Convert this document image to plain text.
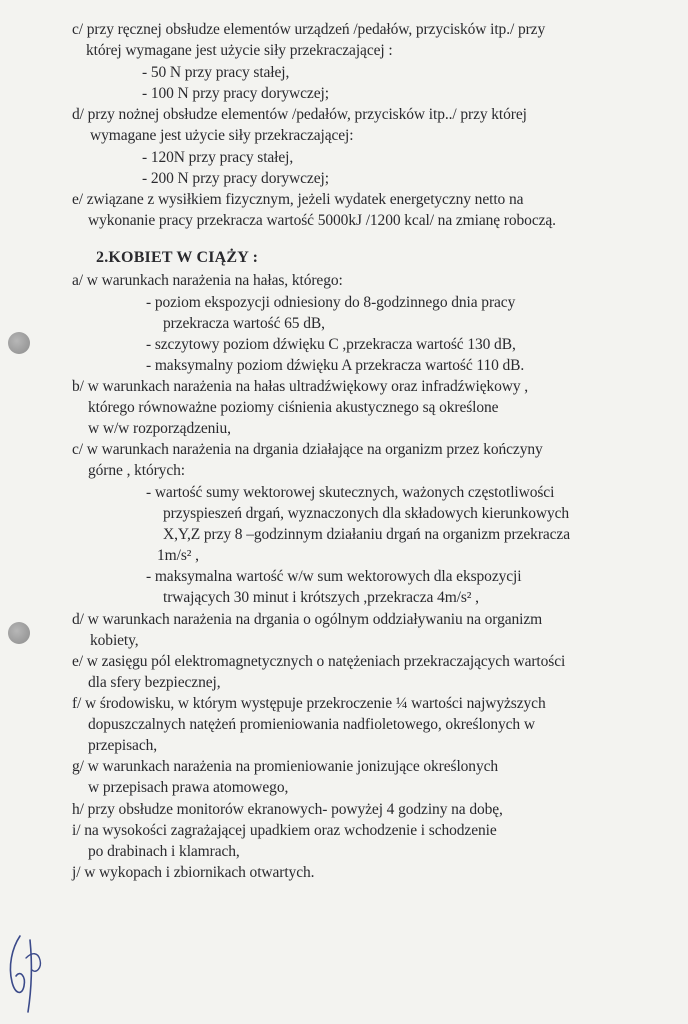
c/ przy ręcznej obsłudze elementów urządzeń /pedałów, przycisków itp./ przy
której wymagane jest użycie siły przekraczającej :
- 50 N przy pracy stałej,
- 100 N przy pracy dorywczej;
d/ przy nożnej obsłudze elementów /pedałów, przycisków itp../ przy której
wymagane jest użycie siły przekraczającej:
- 120N przy pracy stałej,
- 200 N przy pracy dorywczej;
e/ związane z wysiłkiem fizycznym, jeżeli wydatek energetyczny netto na
wykonanie pracy przekracza wartość 5000kJ /1200 kcal/ na zmianę roboczą.
2.KOBIET W CIĄŻY :
a/ w warunkach narażenia na hałas, którego:
- poziom ekspozycji odniesiony do 8-godzinnego dnia pracy
przekracza wartość 65 dB,
- szczytowy poziom dźwięku C ,przekracza wartość 130 dB,
- maksymalny poziom dźwięku A przekracza wartość 110 dB.
b/ w warunkach narażenia na hałas ultradźwiękowy oraz infradźwiękowy ,
którego równoważne poziomy ciśnienia akustycznego są określone
w w/w rozporządzeniu,
c/ w warunkach narażenia na drgania działające na organizm przez kończyny
górne , których:
- wartość sumy wektorowej skutecznych, ważonych częstotliwości
przyspieszeń drgań, wyznaczonych dla składowych kierunkowych
X,Y,Z przy 8 –godzinnym działaniu drgań na organizm przekracza
1m/s² ,
- maksymalna wartość w/w sum wektorowych dla ekspozycji
trwających 30 minut i krótszych ,przekracza 4m/s² ,
d/ w warunkach narażenia na drgania o ogólnym oddziaływaniu na organizm
kobiety,
e/ w zasięgu pól elektromagnetycznych o natężeniach przekraczających wartości
dla sfery bezpiecznej,
f/ w środowisku, w którym występuje przekroczenie ¼ wartości najwyższych
dopuszczalnych natężeń promieniowania nadfioletowego, określonych w
przepisach,
g/ w warunkach narażenia na promieniowanie jonizujące określonych
w przepisach prawa atomowego,
h/ przy obsłudze monitorów ekranowych- powyżej 4 godziny na dobę,
i/ na wysokości zagrażającej upadkiem oraz wchodzenie i schodzenie
po drabinach i klamrach,
j/ w wykopach i zbiornikach otwartych.
